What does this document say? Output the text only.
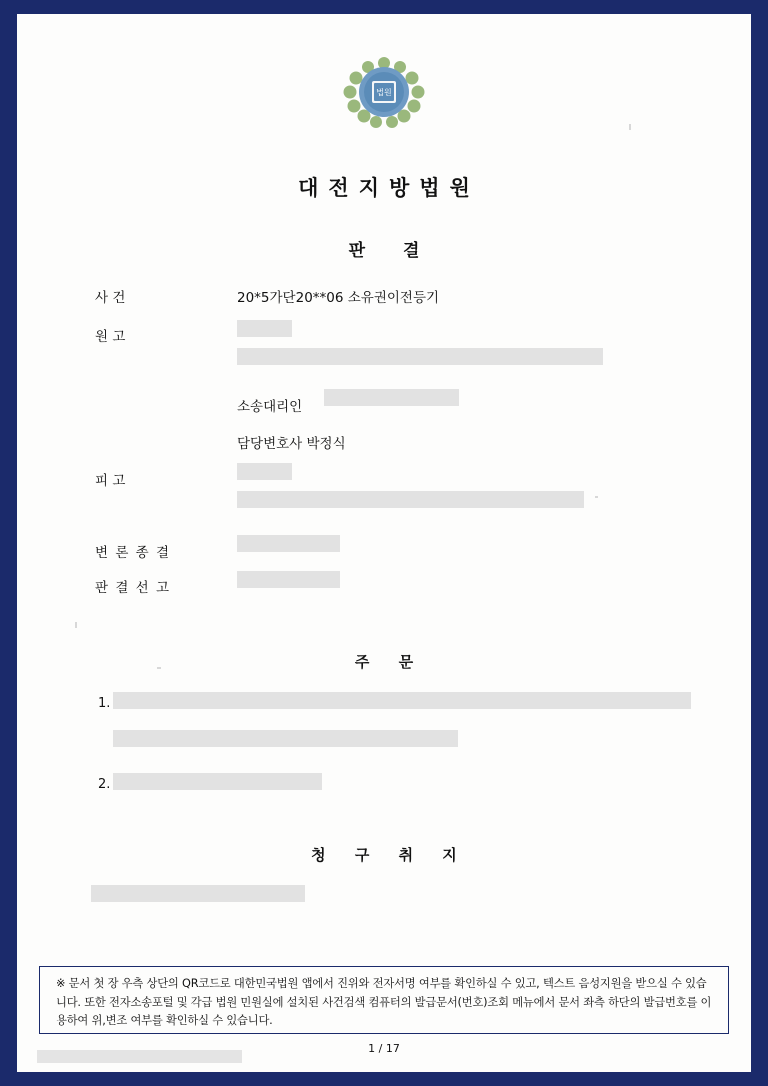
법원
대전지방법원
판결
사 건	20*5가단20**06 소유권이전등기
원 고
소송대리인
담당변호사 박정식
피 고
변 론 종 결
판 결 선 고
주 문
1.
2.
청 구 취 지
※ 문서 첫 장 우측 상단의 QR코드로 대한민국법원 앱에서 진위와 전자서명 여부를 확인하실 수 있고, 텍스트 음성지원을 받으실 수 있습니다. 또한 전자소송포털 및 각급 법원 민원실에 설치된 사건검색 컴퓨터의 발급문서(번호)조회 메뉴에서 문서 좌측 하단의 발급번호를 이용하여 위,변조 여부를 확인하실 수 있습니다.
1 / 17
